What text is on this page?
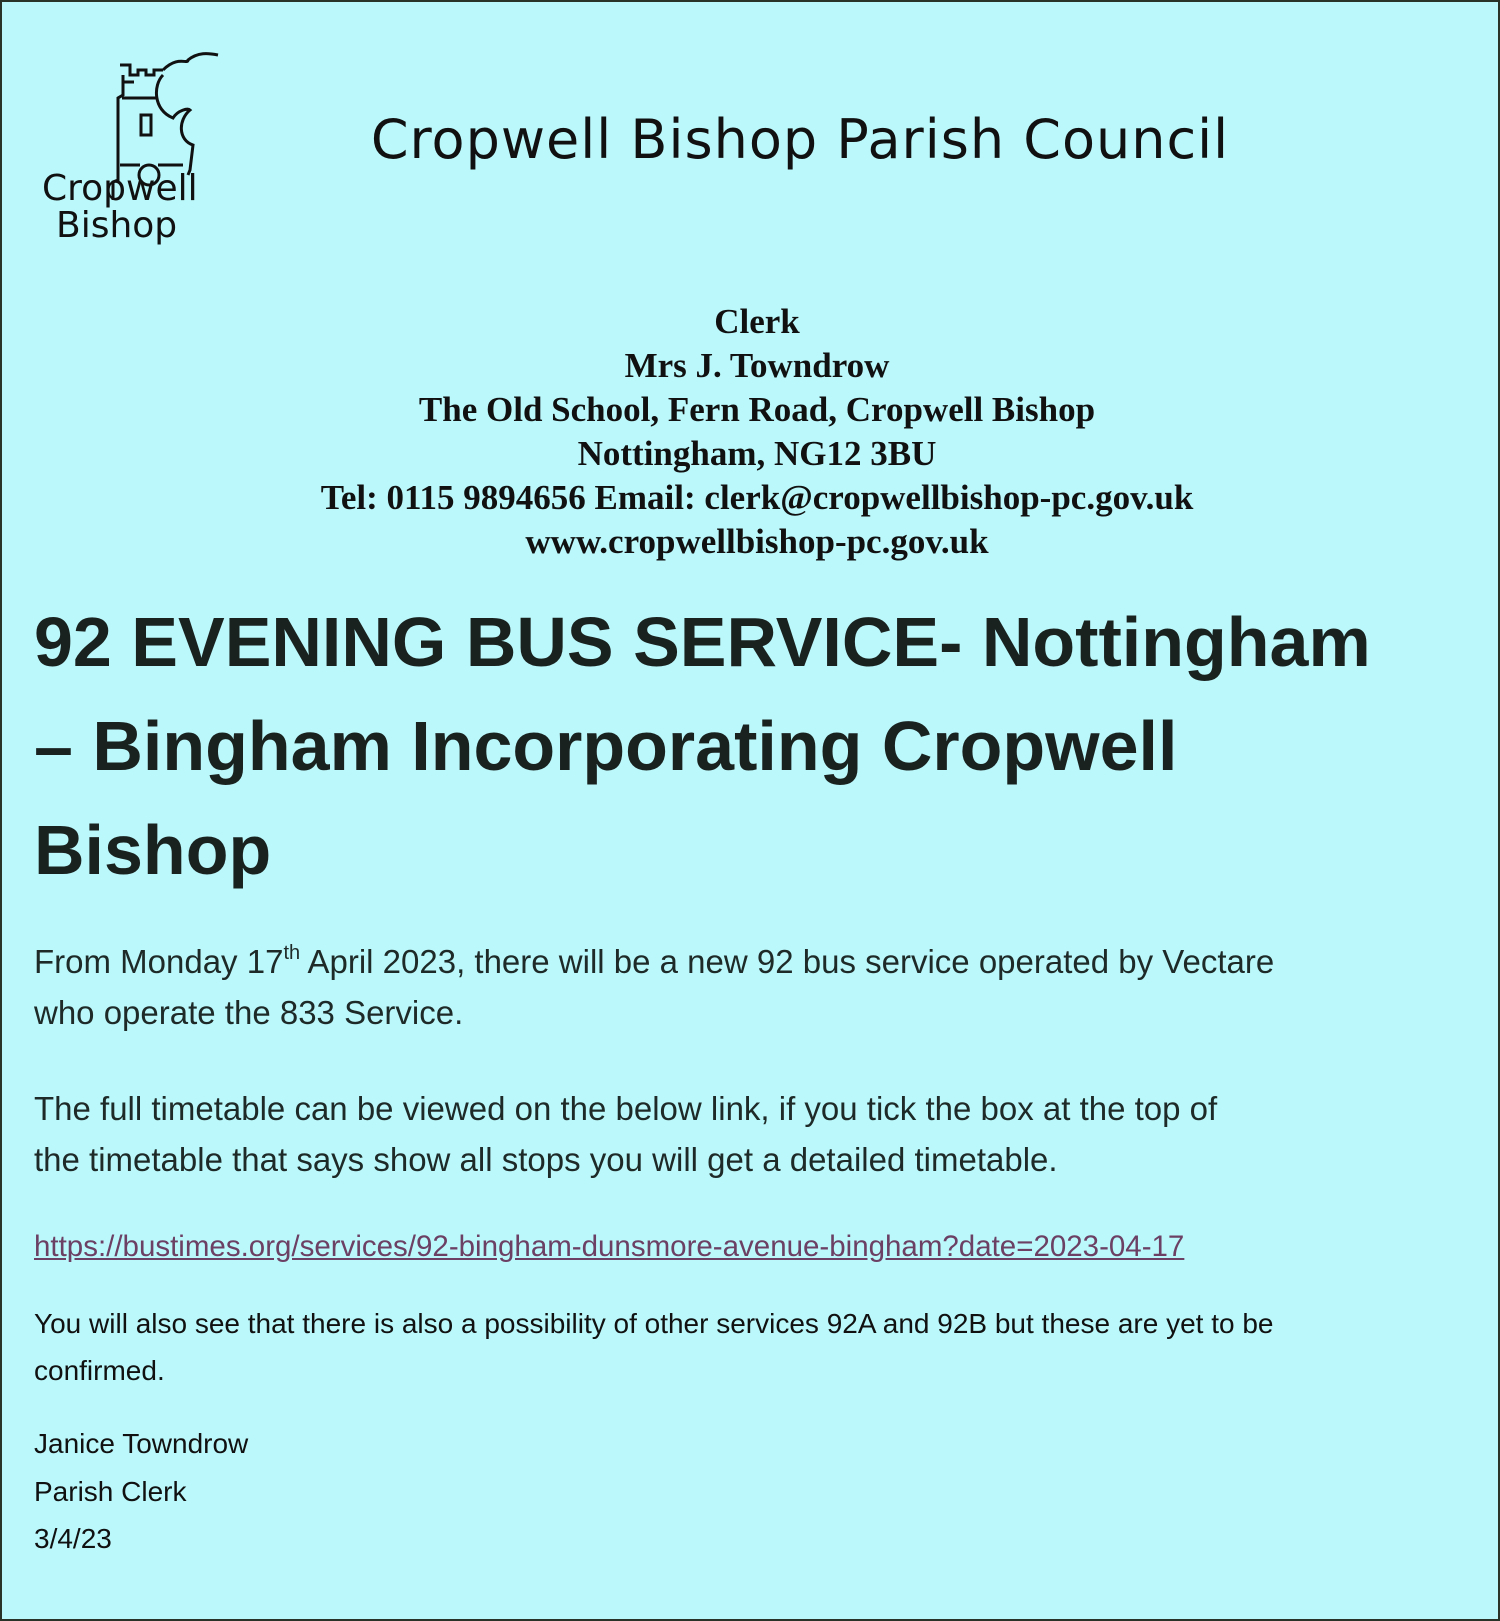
Cropwell
Bishop
Cropwell Bishop Parish Council
Clerk
Mrs J. Towndrow
The Old School, Fern Road, Cropwell Bishop
Nottingham, NG12 3BU
Tel: 0115 9894656 Email: clerk@cropwellbishop-pc.gov.uk
www.cropwellbishop-pc.gov.uk
92 EVENING BUS SERVICE- Nottingham
– Bingham Incorporating Cropwell
Bishop
From Monday 17th April 2023, there will be a new 92 bus service operated by Vectare
who operate the 833 Service.
The full timetable can be viewed on the below link, if you tick the box at the top of
the timetable that says show all stops you will get a detailed timetable.
https://bustimes.org/services/92-bingham-dunsmore-avenue-bingham?date=2023-04-17
You will also see that there is also a possibility of other services 92A and 92B but these are yet to be
confirmed.
Janice Towndrow
Parish Clerk
3/4/23
